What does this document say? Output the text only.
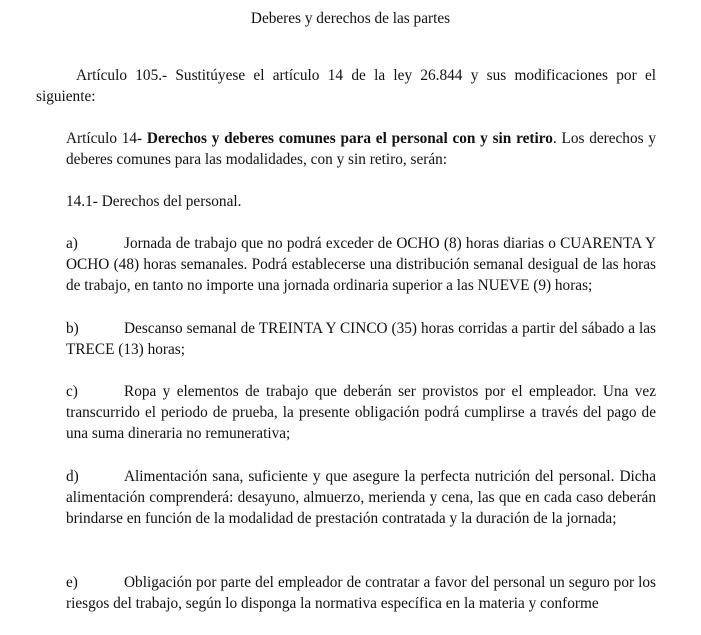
Deberes y derechos de las partes

Artículo 105.- Sustitúyese el artículo 14 de la ley 26.844 y sus modificaciones por el siguiente:

Artículo 14- Derechos y deberes comunes para el personal con y sin retiro. Los derechos y deberes comunes para las modalidades, con y sin retiro, serán:

14.1- Derechos del personal.

a)	Jornada de trabajo que no podrá exceder de OCHO (8) horas diarias o CUARENTA Y OCHO (48) horas semanales. Podrá establecerse una distribución semanal desigual de las horas de trabajo, en tanto no importe una jornada ordinaria superior a las NUEVE (9) horas;

b)	Descanso semanal de TREINTA Y CINCO (35) horas corridas a partir del sábado a las TRECE (13) horas;

c)	Ropa y elementos de trabajo que deberán ser provistos por el empleador. Una vez transcurrido el periodo de prueba, la presente obligación podrá cumplirse a través del pago de una suma dineraria no remunerativa;

d)	Alimentación sana, suficiente y que asegure la perfecta nutrición del personal. Dicha alimentación comprenderá: desayuno, almuerzo, merienda y cena, las que en cada caso deberán brindarse en función de la modalidad de prestación contratada y la duración de la jornada;

e)	Obligación por parte del empleador de contratar a favor del personal un seguro por los riesgos del trabajo, según lo disponga la normativa específica en la materia y conforme
